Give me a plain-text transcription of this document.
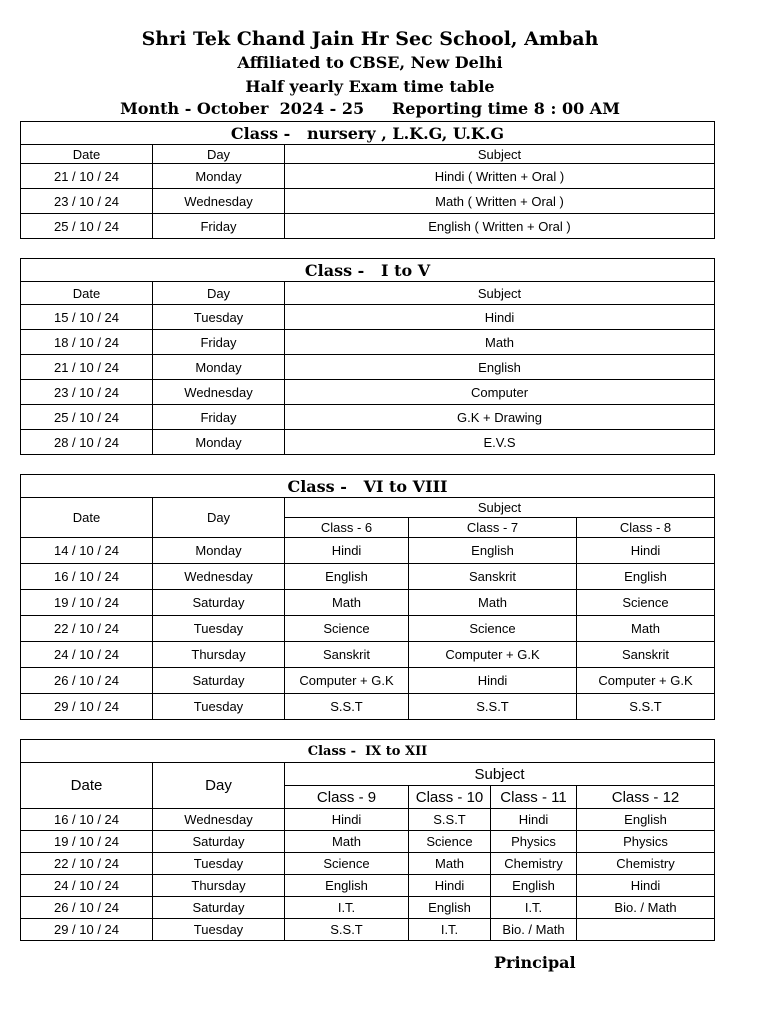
Shri Tek Chand Jain Hr Sec School, Ambah
Affiliated to CBSE, New Delhi
Half yearly Exam time table
Month - October  2024 - 25     Reporting time 8 : 00 AM
Class -   nursery , L.K.G, U.K.G		
Date	Day	Subject
21 / 10 / 24	Monday	Hindi ( Written + Oral )
23 / 10 / 24	Wednesday	Math ( Written + Oral )
25 / 10 / 24	Friday	English ( Written + Oral )
Class -   I to V		
Date	Day	Subject
15 / 10 / 24	Tuesday	Hindi
18 / 10 / 24	Friday	Math
21 / 10 / 24	Monday	English
23 / 10 / 24	Wednesday	Computer
25 / 10 / 24	Friday	G.K + Drawing
28 / 10 / 24	Monday	E.V.S
Class -   VI to VIII				
Date	Day	Subject		
		Class - 6	Class - 7	Class - 8
14 / 10 / 24	Monday	Hindi	English	Hindi
16 / 10 / 24	Wednesday	English	Sanskrit	English
19 / 10 / 24	Saturday	Math	Math	Science
22 / 10 / 24	Tuesday	Science	Science	Math
24 / 10 / 24	Thursday	Sanskrit	Computer + G.K	Sanskrit
26 / 10 / 24	Saturday	Computer + G.K	Hindi	Computer + G.K
29 / 10 / 24	Tuesday	S.S.T	S.S.T	S.S.T
Class -  IX to XII					
Date	Day	Subject			
		Class - 9	Class - 10	Class - 11	Class - 12
16 / 10 / 24	Wednesday	Hindi	S.S.T	Hindi	English
19 / 10 / 24	Saturday	Math	Science	Physics	Physics
22 / 10 / 24	Tuesday	Science	Math	Chemistry	Chemistry
24 / 10 / 24	Thursday	English	Hindi	English	Hindi
26 / 10 / 24	Saturday	I.T.	English	I.T.	Bio. / Math
29 / 10 / 24	Tuesday	S.S.T	I.T.	Bio. / Math	
Principal
